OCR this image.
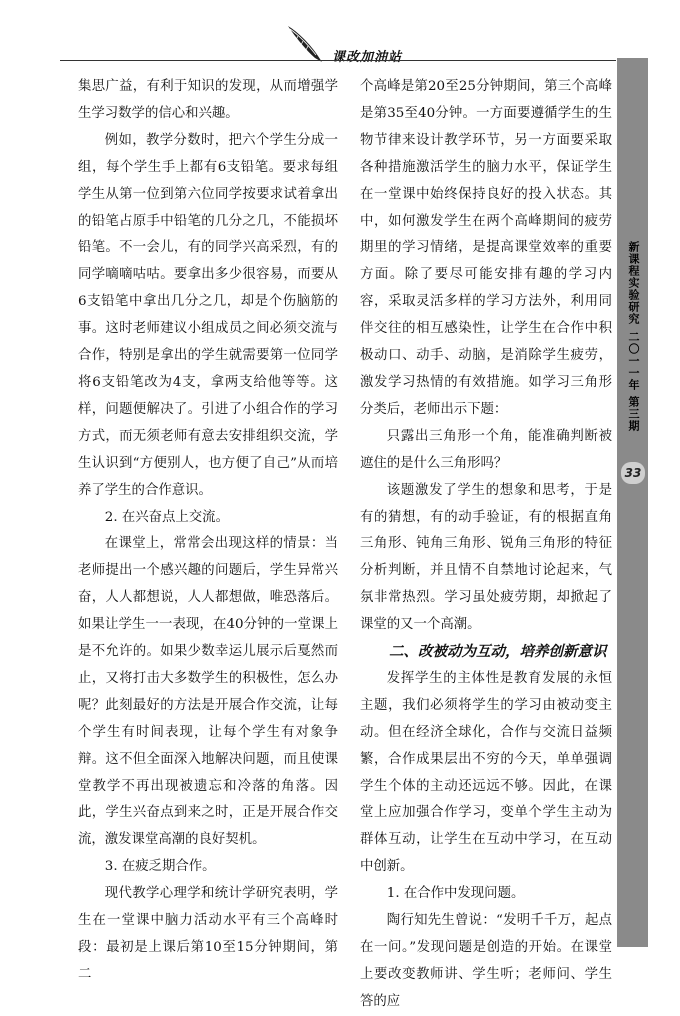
课改加油站
新课程实验研究
二〇一一年 第三期
33

集思广益，有利于知识的发现，从而增强学生学习数学的信心和兴趣。

例如，教学分数时，把六个学生分成一组，每个学生手上都有6支铅笔。要求每组学生从第一位到第六位同学按要求试着拿出的铅笔占原手中铅笔的几分之几，不能损坏铅笔。不一会儿，有的同学兴高采烈，有的同学嘀嘀咕咕。要拿出多少很容易，而要从6支铅笔中拿出几分之几，却是个伤脑筋的事。这时老师建议小组成员之间必须交流与合作，特别是拿出的学生就需要第一位同学将6支铅笔改为4支，拿两支给他等等。这样，问题便解决了。引进了小组合作的学习方式，而无须老师有意去安排组织交流，学生认识到“方便别人，也方便了自己”从而培养了学生的合作意识。

2. 在兴奋点上交流。

在课堂上，常常会出现这样的情景：当老师提出一个感兴趣的问题后，学生异常兴奋，人人都想说，人人都想做，唯恐落后。如果让学生一一表现，在40分钟的一堂课上是不允许的。如果少数幸运儿展示后戛然而止，又将打击大多数学生的积极性，怎么办呢？此刻最好的方法是开展合作交流，让每个学生有时间表现，让每个学生有对象争辩。这不但全面深入地解决问题，而且使课堂教学不再出现被遗忘和冷落的角落。因此，学生兴奋点到来之时，正是开展合作交流，激发课堂高潮的良好契机。

3. 在疲乏期合作。

现代教学心理学和统计学研究表明，学生在一堂课中脑力活动水平有三个高峰时段：最初是上课后第10至15分钟期间，第二

个高峰是第20至25分钟期间，第三个高峰是第35至40分钟。一方面要遵循学生的生物节律来设计教学环节，另一方面要采取各种措施激活学生的脑力水平，保证学生在一堂课中始终保持良好的投入状态。其中，如何激发学生在两个高峰期间的疲劳期里的学习情绪，是提高课堂效率的重要方面。除了要尽可能安排有趣的学习内容，采取灵活多样的学习方法外，利用同伴交往的相互感染性，让学生在合作中积极动口、动手、动脑，是消除学生疲劳，激发学习热情的有效措施。如学习三角形分类后，老师出示下题：

只露出三角形一个角，能准确判断被遮住的是什么三角形吗？

该题激发了学生的想象和思考，于是有的猜想，有的动手验证，有的根据直角三角形、钝角三角形、锐角三角形的特征分析判断，并且情不自禁地讨论起来，气氛非常热烈。学习虽处疲劳期，却掀起了课堂的又一个高潮。

二、改被动为互动，培养创新意识

发挥学生的主体性是教育发展的永恒主题，我们必须将学生的学习由被动变主动。但在经济全球化，合作与交流日益频繁，合作成果层出不穷的今天，单单强调学生个体的主动还远远不够。因此，在课堂上应加强合作学习，变单个学生主动为群体互动，让学生在互动中学习，在互动中创新。

1. 在合作中发现问题。

陶行知先生曾说：“发明千千万，起点在一问。”发现问题是创造的开始。在课堂上要改变教师讲、学生听；老师问、学生答的应
